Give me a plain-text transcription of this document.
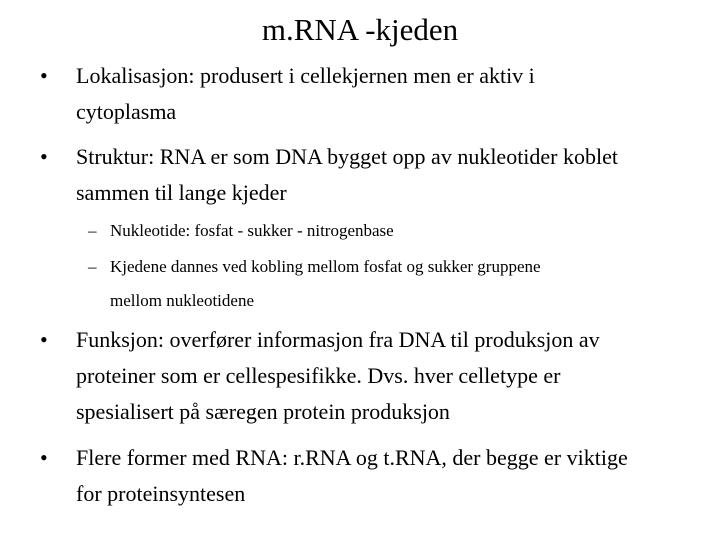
m.RNA -kjeden
•	Lokalisasjon: produsert i cellekjernen men er aktiv i
cytoplasma
•	Struktur: RNA er som DNA bygget opp av nukleotider koblet
sammen til lange kjeder
– Nukleotide: fosfat - sukker - nitrogenbase
– Kjedene dannes ved kobling mellom fosfat og sukker gruppene
mellom nukleotidene
•	Funksjon: overfører informasjon fra DNA til produksjon av
proteiner som er cellespesifikke. Dvs. hver celletype er
spesialisert på særegen protein produksjon
•	Flere former med RNA: r.RNA og t.RNA, der begge er viktige
for proteinsyntesen
